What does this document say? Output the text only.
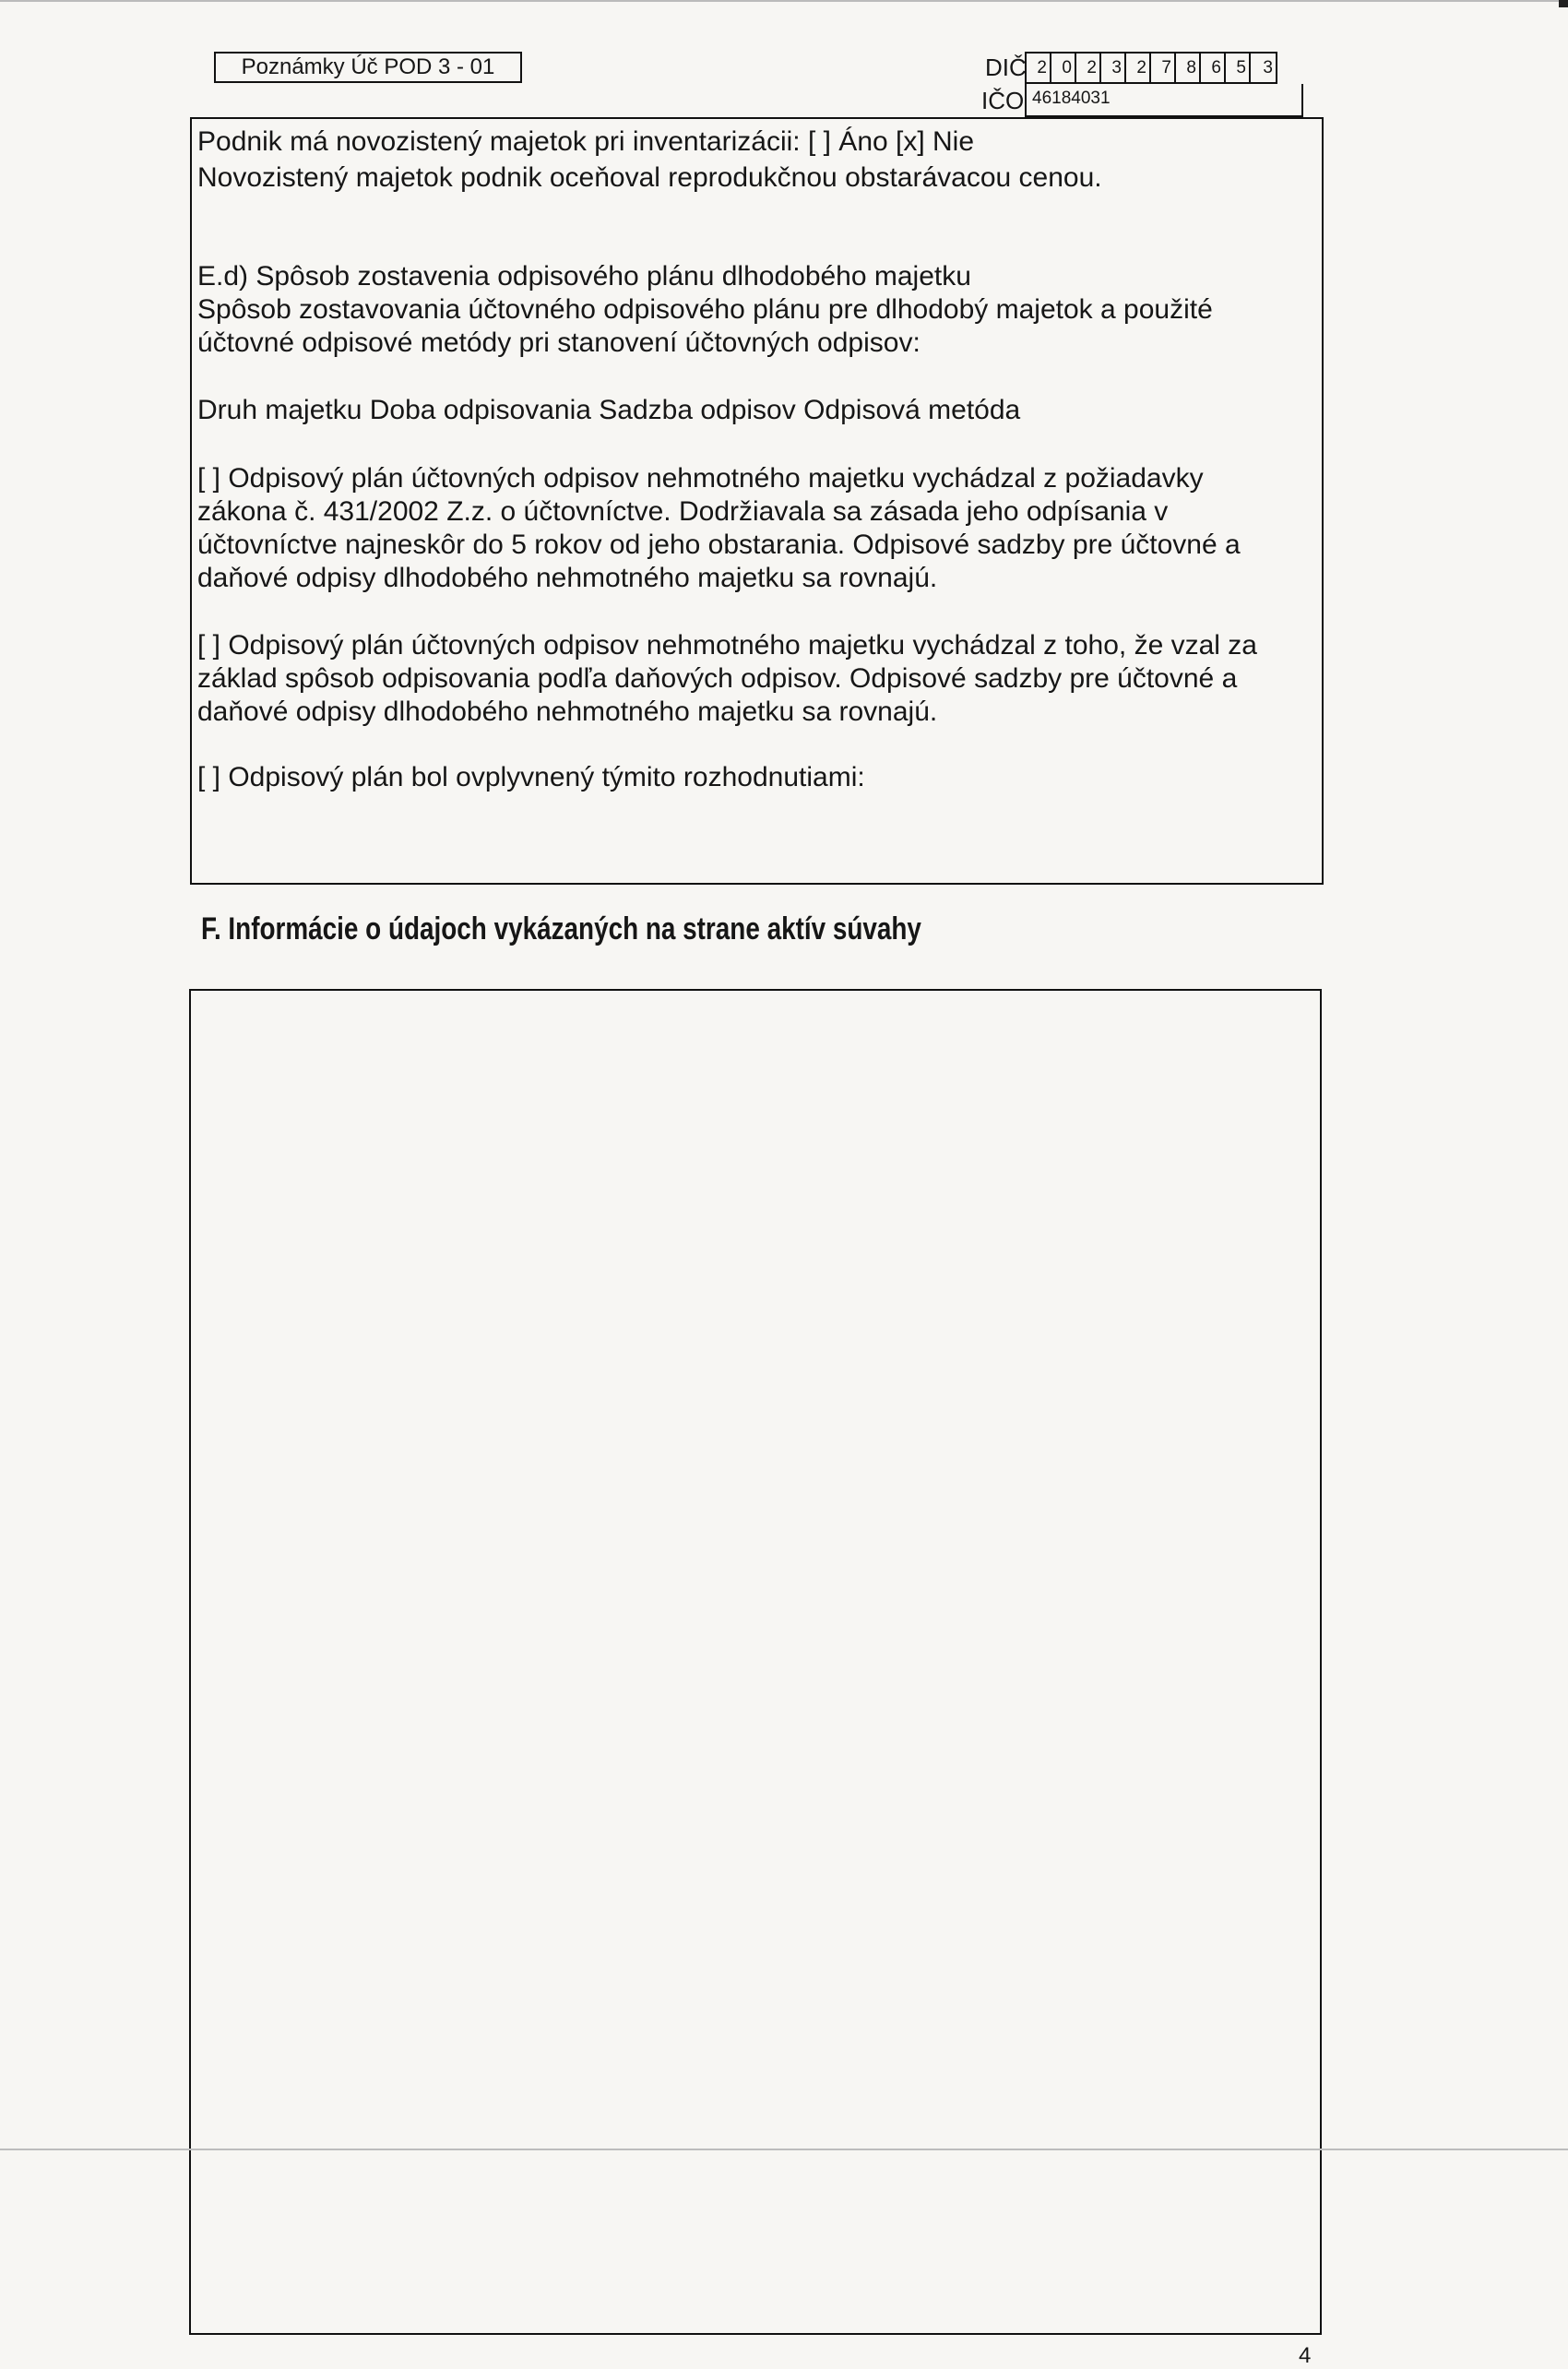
Poznámky Úč POD 3 - 01	DIČ 2 0 2 3 2 7 8 6 5 3
IČO 46184031
Podnik má novozistený majetok pri inventarizácii: [ ] Áno [x] Nie
Novozistený majetok podnik oceňoval reprodukčnou obstarávacou cenou.
E.d) Spôsob zostavenia odpisového plánu dlhodobého majetku
Spôsob zostavovania účtovného odpisového plánu pre dlhodobý majetok a použité
účtovné odpisové metódy pri stanovení účtovných odpisov:
Druh majetku Doba odpisovania Sadzba odpisov Odpisová metóda
[ ] Odpisový plán účtovných odpisov nehmotného majetku vychádzal z požiadavky
zákona č. 431/2002 Z.z. o účtovníctve. Dodržiavala sa zásada jeho odpísania v
účtovníctve najneskôr do 5 rokov od jeho obstarania. Odpisové sadzby pre účtovné a
daňové odpisy dlhodobého nehmotného majetku sa rovnajú.
[ ] Odpisový plán účtovných odpisov nehmotného majetku vychádzal z toho, že vzal za
základ spôsob odpisovania podľa daňových odpisov. Odpisové sadzby pre účtovné a
daňové odpisy dlhodobého nehmotného majetku sa rovnajú.
[ ] Odpisový plán bol ovplyvnený týmito rozhodnutiami:
F. Informácie o údajoch vykázaných na strane aktív súvahy
4
